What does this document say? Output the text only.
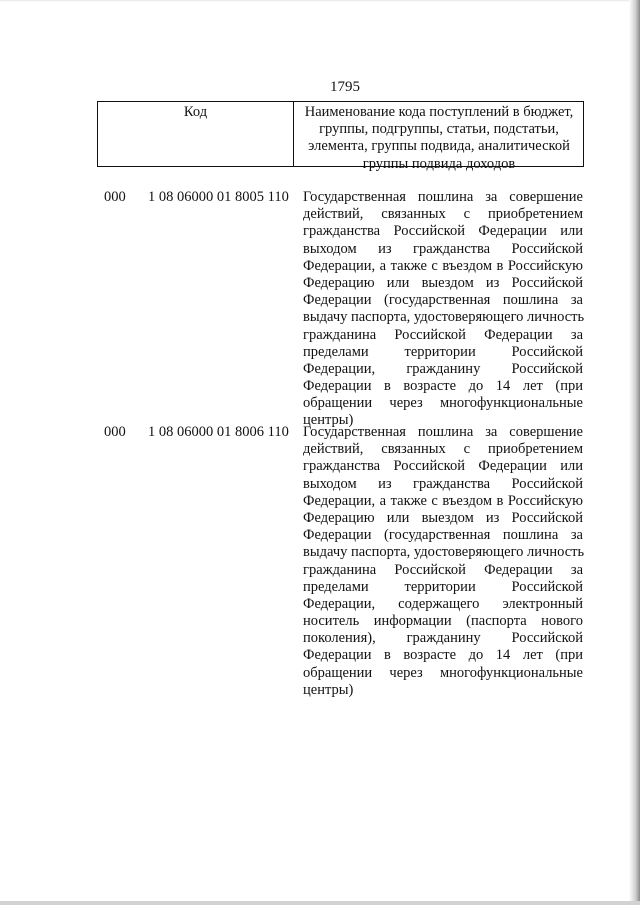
1795
Код	Наименование кода поступлений в бюджет,
группы, подгруппы, статьи, подстатьи,
элемента, группы подвида, аналитической
группы подвида доходов
000 1 08 06000 01 8005 110 Государственная пошлина за совершение
действий, связанных с приобретением
гражданства Российской Федерации или
выходом из гражданства Российской
Федерации, а также с въездом в Российскую
Федерацию или выездом из Российской
Федерации (государственная пошлина за
выдачу паспорта, удостоверяющего личность
гражданина Российской Федерации за
пределами территории Российской
Федерации, гражданину Российской
Федерации в возрасте до 14 лет (при
обращении через многофункциональные
центры)
000 1 08 06000 01 8006 110 Государственная пошлина за совершение
действий, связанных с приобретением
гражданства Российской Федерации или
выходом из гражданства Российской
Федерации, а также с въездом в Российскую
Федерацию или выездом из Российской
Федерации (государственная пошлина за
выдачу паспорта, удостоверяющего личность
гражданина Российской Федерации за
пределами территории Российской
Федерации, содержащего электронный
носитель информации (паспорта нового
поколения), гражданину Российской
Федерации в возрасте до 14 лет (при
обращении через многофункциональные
центры)
